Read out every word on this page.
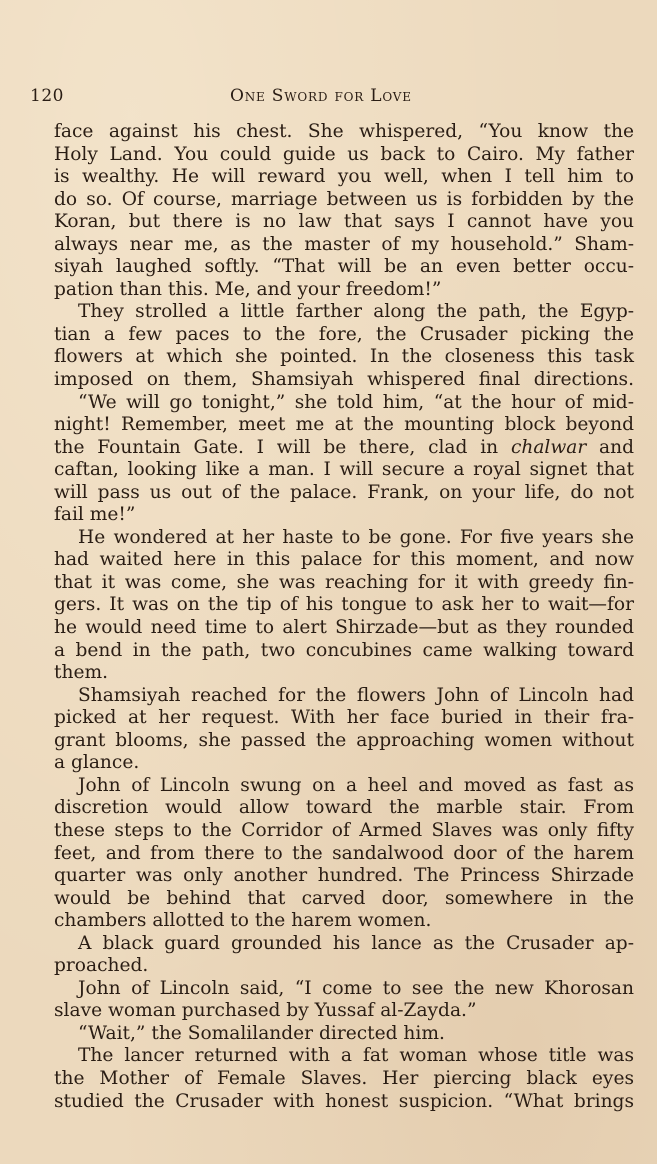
120	One Sword for Love
face against his chest. She whispered, “You know the
Holy Land. You could guide us back to Cairo. My father
is wealthy. He will reward you well, when I tell him to
do so. Of course, marriage between us is forbidden by the
Koran, but there is no law that says I cannot have you
always near me, as the master of my household.” Sham-
siyah laughed softly. “That will be an even better occu-
pation than this. Me, and your freedom!”
They strolled a little farther along the path, the Egyp-
tian a few paces to the fore, the Crusader picking the
flowers at which she pointed. In the closeness this task
imposed on them, Shamsiyah whispered final directions.
“We will go tonight,” she told him, “at the hour of mid-
night! Remember, meet me at the mounting block beyond
the Fountain Gate. I will be there, clad in chalwar and
caftan, looking like a man. I will secure a royal signet that
will pass us out of the palace. Frank, on your life, do not
fail me!”
He wondered at her haste to be gone. For five years she
had waited here in this palace for this moment, and now
that it was come, she was reaching for it with greedy fin-
gers. It was on the tip of his tongue to ask her to wait—for
he would need time to alert Shirzade—but as they rounded
a bend in the path, two concubines came walking toward
them.
Shamsiyah reached for the flowers John of Lincoln had
picked at her request. With her face buried in their fra-
grant blooms, she passed the approaching women without
a glance.
John of Lincoln swung on a heel and moved as fast as
discretion would allow toward the marble stair. From
these steps to the Corridor of Armed Slaves was only fifty
feet, and from there to the sandalwood door of the harem
quarter was only another hundred. The Princess Shirzade
would be behind that carved door, somewhere in the
chambers allotted to the harem women.
A black guard grounded his lance as the Crusader ap-
proached.
John of Lincoln said, “I come to see the new Khorosan
slave woman purchased by Yussaf al-Zayda.”
“Wait,” the Somalilander directed him.
The lancer returned with a fat woman whose title was
the Mother of Female Slaves. Her piercing black eyes
studied the Crusader with honest suspicion. “What brings
